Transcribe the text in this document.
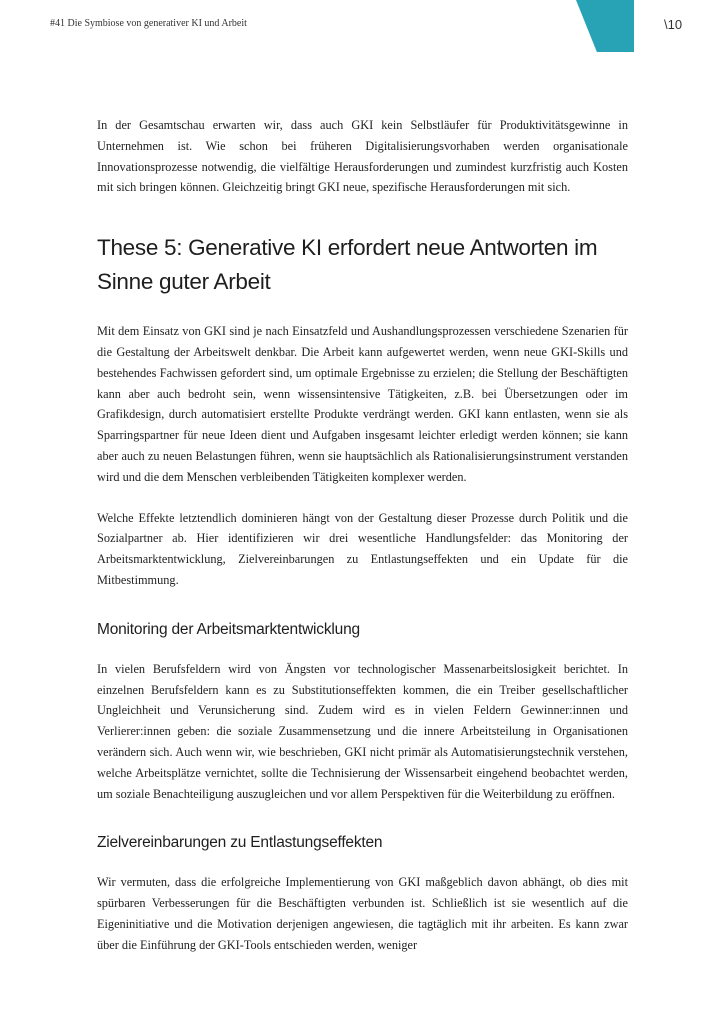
#41 Die Symbiose von generativer KI und Arbeit	\10

In der Gesamtschau erwarten wir, dass auch GKI kein Selbstläufer für Produktivitätsgewinne in Unternehmen ist. Wie schon bei früheren Digitalisierungsvorhaben werden organisationale Innovationsprozesse notwendig, die vielfältige Herausforderungen und zumindest kurzfristig auch Kosten mit sich bringen können. Gleichzeitig bringt GKI neue, spezifische Herausforderungen mit sich.

These 5: Generative KI erfordert neue Antworten im Sinne guter Arbeit

Mit dem Einsatz von GKI sind je nach Einsatzfeld und Aushandlungsprozessen verschiedene Szenarien für die Gestaltung der Arbeitswelt denkbar. Die Arbeit kann aufgewertet werden, wenn neue GKI-Skills und bestehendes Fachwissen gefordert sind, um optimale Ergebnisse zu erzielen; die Stellung der Beschäftigten kann aber auch bedroht sein, wenn wissensintensive Tätigkeiten, z.B. bei Übersetzungen oder im Grafikdesign, durch automatisiert erstellte Produkte verdrängt werden. GKI kann entlasten, wenn sie als Sparringspartner für neue Ideen dient und Aufgaben insgesamt leichter erledigt werden können; sie kann aber auch zu neuen Belastungen führen, wenn sie hauptsächlich als Rationalisierungsinstrument verstanden wird und die dem Menschen verbleibenden Tätigkeiten komplexer werden.

Welche Effekte letztendlich dominieren hängt von der Gestaltung dieser Prozesse durch Politik und die Sozialpartner ab. Hier identifizieren wir drei wesentliche Handlungsfelder: das Monitoring der Arbeitsmarktentwicklung, Zielvereinbarungen zu Entlastungseffekten und ein Update für die Mitbestimmung.

Monitoring der Arbeitsmarktentwicklung

In vielen Berufsfeldern wird von Ängsten vor technologischer Massenarbeitslosigkeit berichtet. In einzelnen Berufsfeldern kann es zu Substitutionseffekten kommen, die ein Treiber gesellschaftlicher Ungleichheit und Verunsicherung sind. Zudem wird es in vielen Feldern Gewinner:innen und Verlierer:innen geben: die soziale Zusammensetzung und die innere Arbeitsteilung in Organisationen verändern sich. Auch wenn wir, wie beschrieben, GKI nicht primär als Automatisierungstechnik verstehen, welche Arbeitsplätze vernichtet, sollte die Technisierung der Wissensarbeit eingehend beobachtet werden, um soziale Benachteiligung auszugleichen und vor allem Perspektiven für die Weiterbildung zu eröffnen.

Zielvereinbarungen zu Entlastungseffekten

Wir vermuten, dass die erfolgreiche Implementierung von GKI maßgeblich davon abhängt, ob dies mit spürbaren Verbesserungen für die Beschäftigten verbunden ist. Schließlich ist sie wesentlich auf die Eigeninitiative und die Motivation derjenigen angewiesen, die tagtäglich mit ihr arbeiten. Es kann zwar über die Einführung der GKI-Tools entschieden werden, weniger
